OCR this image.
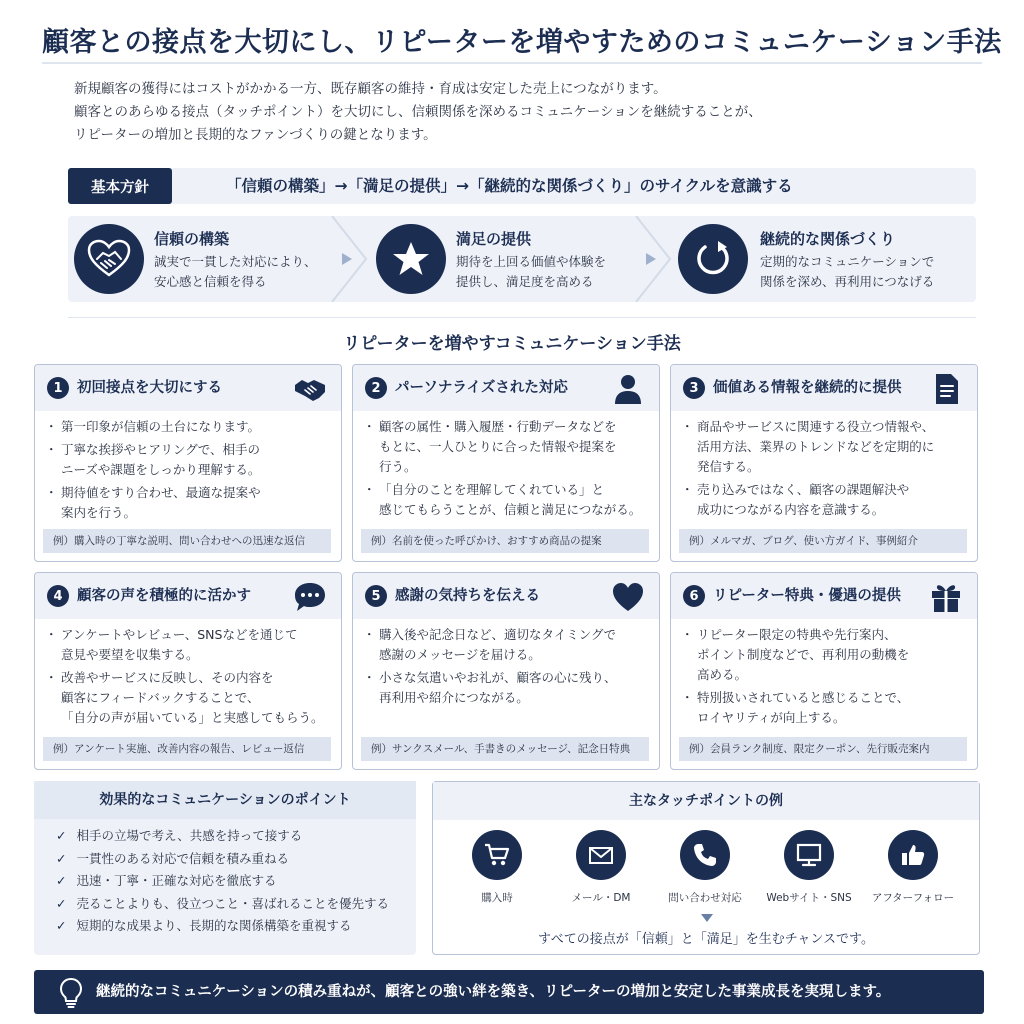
顧客との接点を大切にし、リピーターを増やすためのコミュニケーション手法
新規顧客の獲得にはコストがかかる一方、既存顧客の維持・育成は安定した売上につながります。
顧客とのあらゆる接点（タッチポイント）を大切にし、信頼関係を深めるコミュニケーションを継続することが、
リピーターの増加と長期的なファンづくりの鍵となります。
基本方針	「信頼の構築」→「満足の提供」→「継続的な関係づくり」のサイクルを意識する
信頼の構築
誠実で一貫した対応により、
安心感と信頼を得る
満足の提供
期待を上回る価値や体験を
提供し、満足度を高める
継続的な関係づくり
定期的なコミュニケーションで
関係を深め、再利用につなげる
リピーターを増やすコミュニケーション手法
1 初回接点を大切にする
・ 第一印象が信頼の土台になります。
・ 丁寧な挨拶やヒアリングで、相手の
ニーズや課題をしっかり理解する。
・ 期待値をすり合わせ、最適な提案や
案内を行う。
例）購入時の丁寧な説明、問い合わせへの迅速な返信
2 パーソナライズされた対応
・ 顧客の属性・購入履歴・行動データなどを
もとに、一人ひとりに合った情報や提案を
行う。
・ 「自分のことを理解してくれている」と
感じてもらうことが、信頼と満足につながる。
例）名前を使った呼びかけ、おすすめ商品の提案
3 価値ある情報を継続的に提供
・ 商品やサービスに関連する役立つ情報や、
活用方法、業界のトレンドなどを定期的に
発信する。
・ 売り込みではなく、顧客の課題解決や
成功につながる内容を意識する。
例）メルマガ、ブログ、使い方ガイド、事例紹介
4 顧客の声を積極的に活かす
・ アンケートやレビュー、SNSなどを通じて
意見や要望を収集する。
・ 改善やサービスに反映し、その内容を
顧客にフィードバックすることで、
「自分の声が届いている」と実感してもらう。
例）アンケート実施、改善内容の報告、レビュー返信
5 感謝の気持ちを伝える
・ 購入後や記念日など、適切なタイミングで
感謝のメッセージを届ける。
・ 小さな気遣いやお礼が、顧客の心に残り、
再利用や紹介につながる。
例）サンクスメール、手書きのメッセージ、記念日特典
6 リピーター特典・優遇の提供
・ リピーター限定の特典や先行案内、
ポイント制度などで、再利用の動機を
高める。
・ 特別扱いされていると感じることで、
ロイヤリティが向上する。
例）会員ランク制度、限定クーポン、先行販売案内
効果的なコミュニケーションのポイント
✓ 相手の立場で考え、共感を持って接する
✓ 一貫性のある対応で信頼を積み重ねる
✓ 迅速・丁寧・正確な対応を徹底する
✓ 売ることよりも、役立つこと・喜ばれることを優先する
✓ 短期的な成果より、長期的な関係構築を重視する
主なタッチポイントの例
購入時	メール・DM	問い合わせ対応	Webサイト・SNS	アフターフォロー
すべての接点が「信頼」と「満足」を生むチャンスです。
継続的なコミュニケーションの積み重ねが、顧客との強い絆を築き、リピーターの増加と安定した事業成長を実現します。
